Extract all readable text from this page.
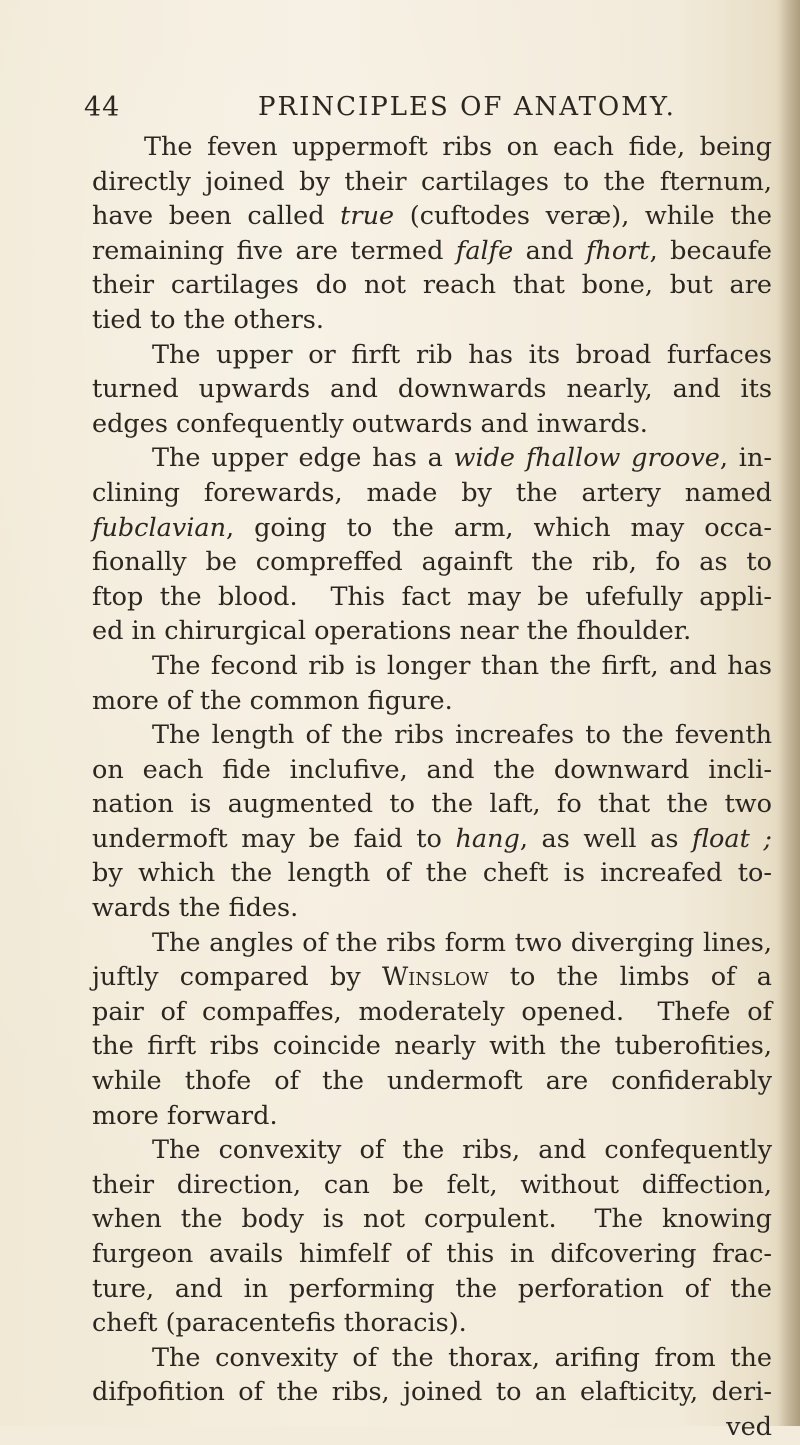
44	PRINCIPLES OF ANATOMY.
The feven uppermoft ribs on each fide, being
directly joined by their cartilages to the fternum,
have been called true (cuftodes veræ), while the
remaining five are termed falfe and fhort, becaufe
their cartilages do not reach that bone, but are
tied to the others.
The upper or firft rib has its broad furfaces
turned upwards and downwards nearly, and its
edges confequently outwards and inwards.
The upper edge has a wide fhallow groove, in-
clining forewards, made by the artery named
fubclavian, going to the arm, which may occa-
fionally be compreffed againft the rib, fo as to
ftop the blood.  This fact may be ufefully appli-
ed in chirurgical operations near the fhoulder.
The fecond rib is longer than the firft, and has
more of the common figure.
The length of the ribs increafes to the feventh
on each fide inclufive, and the downward incli-
nation is augmented to the laft, fo that the two
undermoft may be faid to hang, as well as float ;
by which the length of the cheft is increafed to-
wards the fides.
The angles of the ribs form two diverging lines,
juftly compared by Winslow to the limbs of a
pair of compaffes, moderately opened.  Thefe of
the firft ribs coincide nearly with the tuberofities,
while thofe of the undermoft are confiderably
more forward.
The convexity of the ribs, and confequently
their direction, can be felt, without diffection,
when the body is not corpulent.  The knowing
furgeon avails himfelf of this in difcovering frac-
ture, and in performing the perforation of the
cheft (paracentefis thoracis).
The convexity of the thorax, arifing from the
difpofition of the ribs, joined to an elafticity, deri-
ved
